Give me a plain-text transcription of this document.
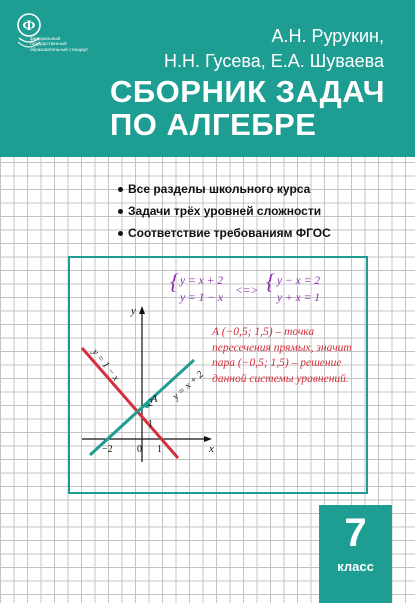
Ф
федеральный государственный образовательный стандарт
А.Н. Рурукин,
Н.Н. Гусева, Е.А. Шуваева
СБОРНИК ЗАДАЧ
ПО АЛГЕБРЕ
Все разделы школьного курса
Задачи трёх уровней сложности
Соответствие требованиям ФГОС
{ y = x + 2
y = 1 − x
<=> { y − x = 2
y + x = 1
x
y
y = 1 − x
y = x + 2
A
1
2
−2 0 1
A (−0,5; 1,5) – точка пересечения прямых, значит пара (−0,5; 1,5) – решение данной системы уравнений.
7
класс
